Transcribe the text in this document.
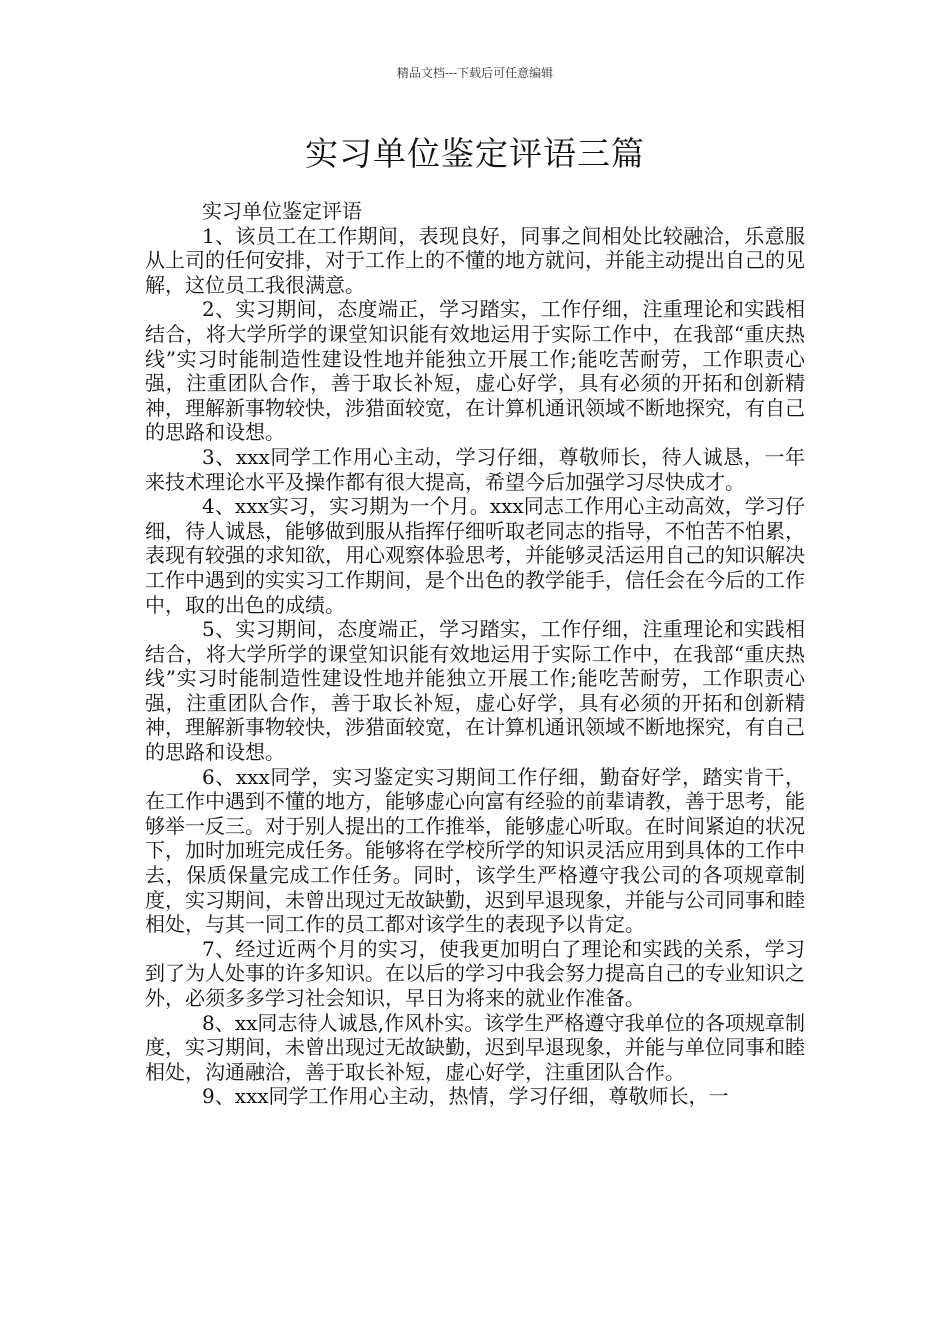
精品文档---下载后可任意编辑
实习单位鉴定评语三篇

实习单位鉴定评语

1、该员工在工作期间，表现良好，同事之间相处比较融洽，乐意服从上司的任何安排，对于工作上的不懂的地方就问，并能主动提出自己的见解，这位员工我很满意。

2、实习期间，态度端正，学习踏实，工作仔细，注重理论和实践相结合，将大学所学的课堂知识能有效地运用于实际工作中，在我部“重庆热线”实习时能制造性建设性地并能独立开展工作;能吃苦耐劳，工作职责心强，注重团队合作，善于取长补短，虚心好学，具有必须的开拓和创新精神，理解新事物较快，涉猎面较宽，在计算机通讯领域不断地探究，有自己的思路和设想。

3、xxx同学工作用心主动，学习仔细，尊敬师长，待人诚恳，一年来技术理论水平及操作都有很大提高，希望今后加强学习尽快成才。

4、xxx实习，实习期为一个月。xxx同志工作用心主动高效，学习仔细，待人诚恳，能够做到服从指挥仔细听取老同志的指导，不怕苦不怕累，表现有较强的求知欲，用心观察体验思考，并能够灵活运用自己的知识解决工作中遇到的实实习工作期间，是个出色的教学能手，信任会在今后的工作中，取的出色的成绩。

5、实习期间，态度端正，学习踏实，工作仔细，注重理论和实践相结合，将大学所学的课堂知识能有效地运用于实际工作中，在我部“重庆热线”实习时能制造性建设性地并能独立开展工作;能吃苦耐劳，工作职责心强，注重团队合作，善于取长补短，虚心好学，具有必须的开拓和创新精神，理解新事物较快，涉猎面较宽，在计算机通讯领域不断地探究，有自己的思路和设想。

6、xxx同学，实习鉴定实习期间工作仔细，勤奋好学，踏实肯干，在工作中遇到不懂的地方，能够虚心向富有经验的前辈请教，善于思考，能够举一反三。对于别人提出的工作推举，能够虚心听取。在时间紧迫的状况下，加时加班完成任务。能够将在学校所学的知识灵活应用到具体的工作中去，保质保量完成工作任务。同时，该学生严格遵守我公司的各项规章制度，实习期间，未曾出现过无故缺勤，迟到早退现象，并能与公司同事和睦相处，与其一同工作的员工都对该学生的表现予以肯定。

7、经过近两个月的实习，使我更加明白了理论和实践的关系，学习到了为人处事的许多知识。在以后的学习中我会努力提高自己的专业知识之外，必须多多学习社会知识，早日为将来的就业作准备。

8、xx同志待人诚恳,作风朴实。该学生严格遵守我单位的各项规章制度，实习期间，未曾出现过无故缺勤，迟到早退现象，并能与单位同事和睦相处，沟通融洽，善于取长补短，虚心好学，注重团队合作。

9、xxx同学工作用心主动，热情，学习仔细，尊敬师长，一
